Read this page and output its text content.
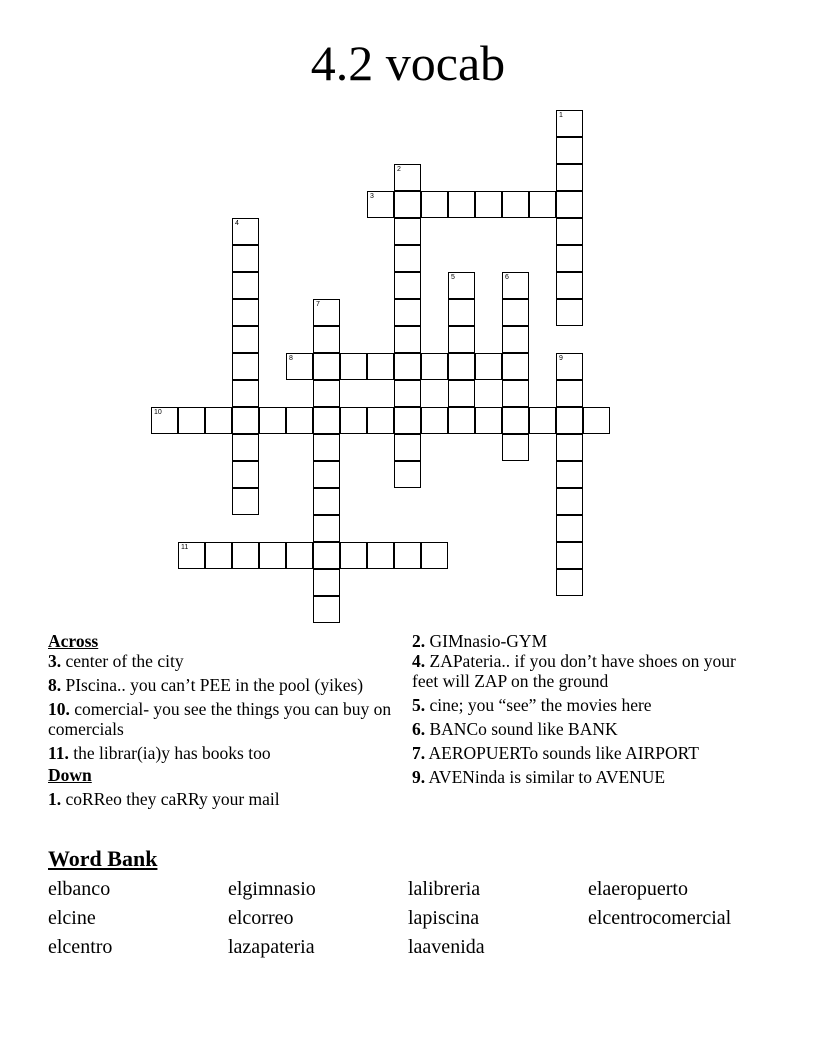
4.2 vocab
1
2
3
4
5	6
7
8	9
10
11
Across
3. center of the city
8. PIscina.. you can’t PEE in the pool (yikes)
10. comercial- you see the things you can buy on comercials
11. the librar(ia)y has books too
Down
1. coRReo they caRRy your mail
2. GIMnasio-GYM
4. ZAPateria.. if you don’t have shoes on your feet will ZAP on the ground
5. cine; you “see” the movies here
6. BANCo sound like BANK
7. AEROPUERTo sounds like AIRPORT
9. AVENinda is similar to AVENUE
Word Bank
elbanco
elcine
elcentro
elgimnasio
elcorreo
lazapateria
lalibreria
lapiscina
laavenida
elaeropuerto
elcentrocomercial
